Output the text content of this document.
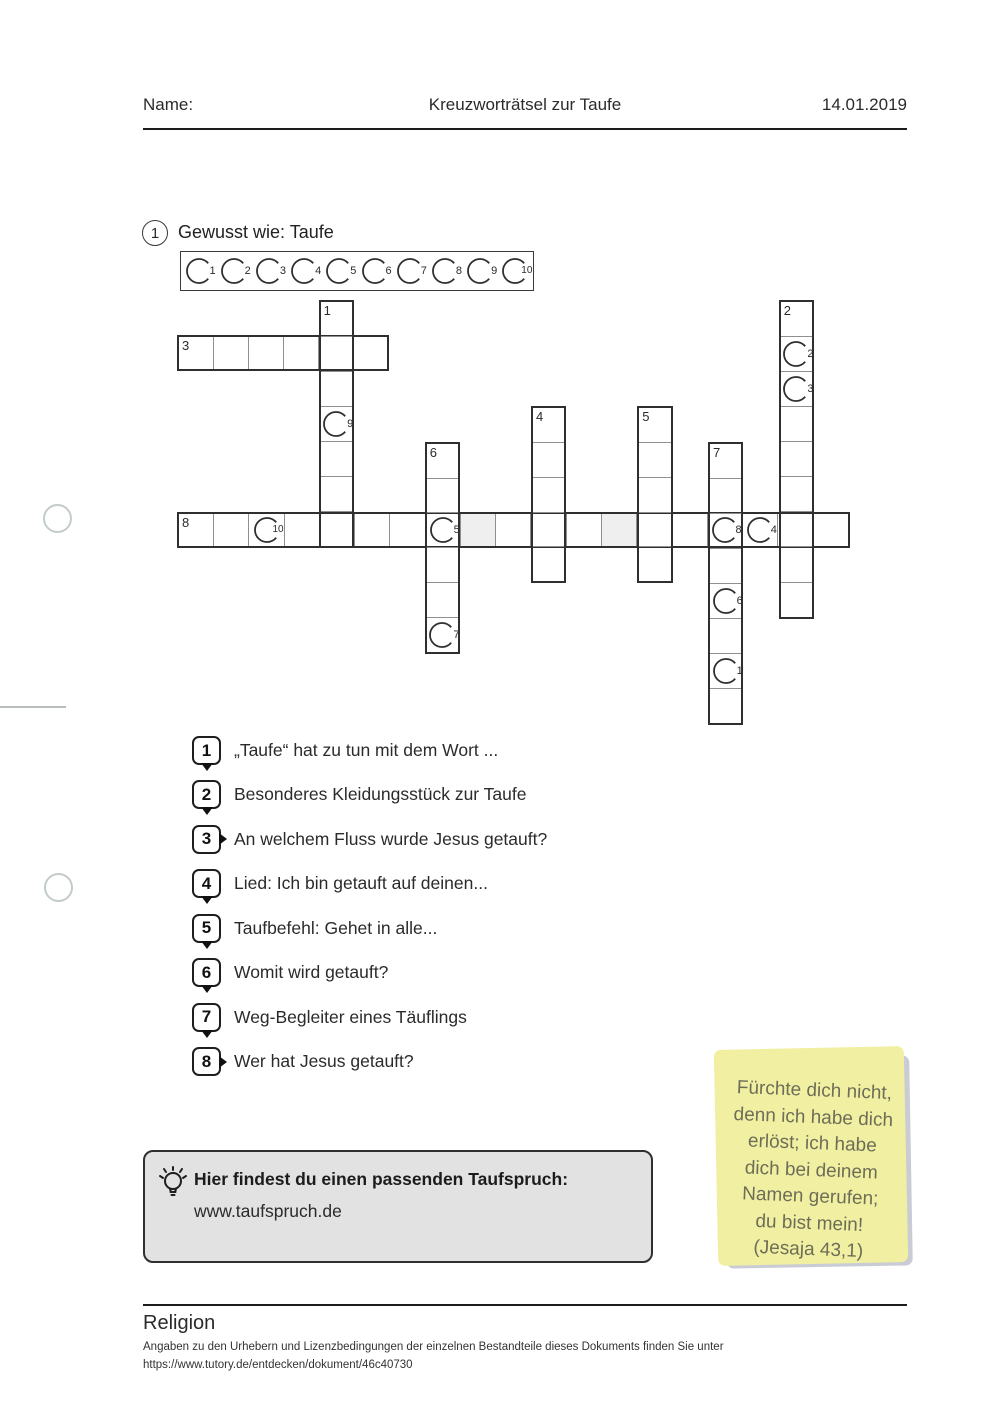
Name:	Kreuzworträtsel zur Taufe	14.01.2019
1	Gewusst wie: Taufe
1	2	3	4	5	6	7	8	9 10
3
8	10	5	8	4
1
9
2
2
3
4	5
6
7
7
6
1
1 „Taufe“ hat zu tun mit dem Wort ...
2 Besonderes Kleidungsstück zur Taufe
3 An welchem Fluss wurde Jesus getauft?
4 Lied: Ich bin getauft auf deinen...
5 Taufbefehl: Gehet in alle...
6 Womit wird getauft?
7 Weg-Begleiter eines Täuflings
8 Wer hat Jesus getauft?
Hier findest du einen passenden Taufspruch:
www.taufspruch.de
Fürchte dich nicht,
denn ich habe dich
erlöst; ich habe
dich bei deinem
Namen gerufen;
du bist mein!
(Jesaja 43,1)
Religion
Angaben zu den Urhebern und Lizenzbedingungen der einzelnen Bestandteile dieses Dokuments finden Sie unter
https://www.tutory.de/entdecken/dokument/46c40730
